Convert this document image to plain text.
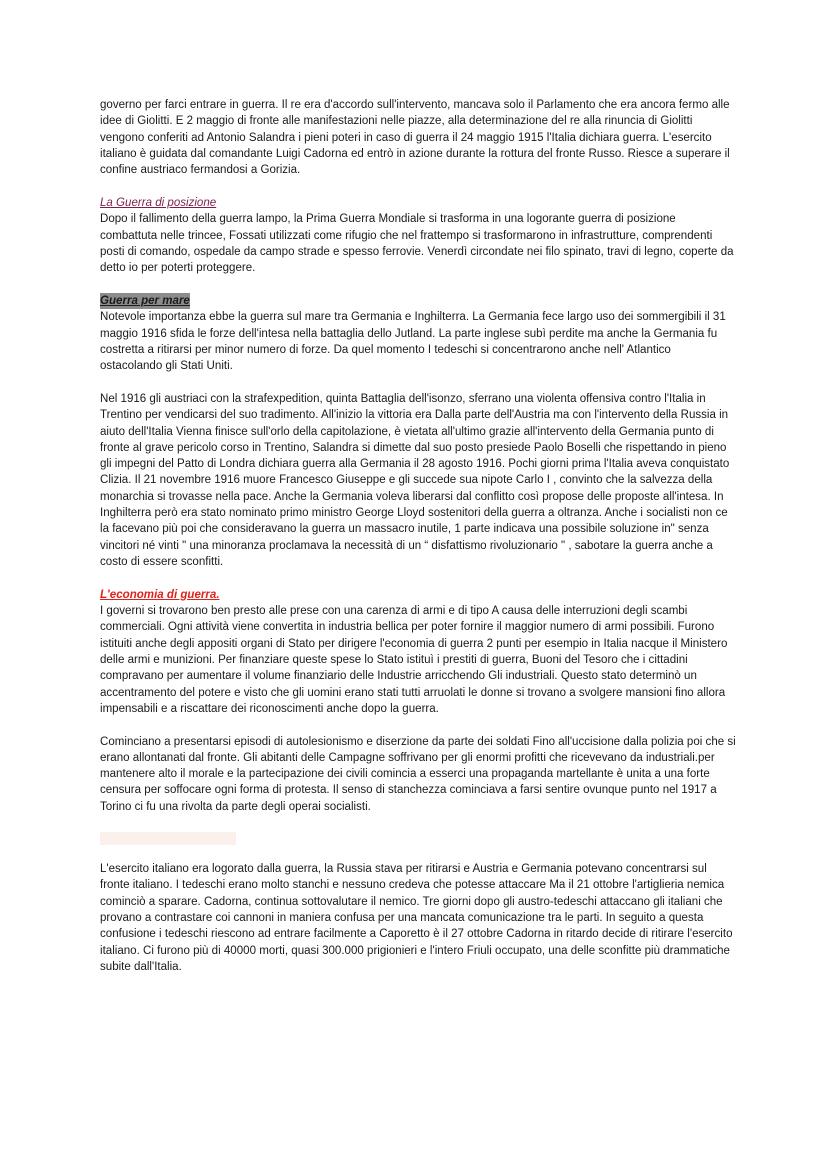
governo per farci entrare in guerra. Il re era d'accordo sull'intervento, mancava solo il Parlamento che era ancora fermo alle idee di Giolitti. E 2 maggio di fronte alle manifestazioni nelle piazze, alla determinazione del re alla rinuncia di Giolitti vengono conferiti ad Antonio Salandra i pieni poteri in caso di guerra il 24 maggio 1915 l'Italia dichiara guerra. L'esercito italiano è guidata dal comandante Luigi Cadorna ed entrò in azione durante la rottura del fronte Russo. Riesce a superare il confine austriaco fermandosi a Gorizia.

La Guerra di posizione

Dopo il fallimento della guerra lampo, la Prima Guerra Mondiale si trasforma in una logorante guerra di posizione combattuta nelle trincee, Fossati utilizzati come rifugio che nel frattempo si trasformarono in infrastrutture, comprendenti posti di comando, ospedale da campo strade e spesso ferrovie. Venerdì circondate nei filo spinato, travi di legno, coperte da detto io per poterti proteggere.

Guerra per mare

Notevole importanza ebbe la guerra sul mare tra Germania e Inghilterra. La Germania fece largo uso dei sommergibili il 31 maggio 1916 sfida le forze dell'intesa nella battaglia dello Jutland. La parte inglese subì perdite ma anche la Germania fu costretta a ritirarsi per minor numero di forze. Da quel momento I tedeschi si concentrarono anche nell' Atlantico ostacolando gli Stati Uniti.

Nel 1916 gli austriaci con la strafexpedition, quinta Battaglia dell'isonzo, sferrano una violenta offensiva contro l'Italia in Trentino per vendicarsi del suo tradimento. All'inizio la vittoria era Dalla parte dell'Austria ma con l'intervento della Russia in aiuto dell'Italia Vienna finisce sull'orlo della capitolazione, è vietata all'ultimo grazie all'intervento della Germania punto di fronte al grave pericolo corso in Trentino, Salandra si dimette dal suo posto presiede Paolo Boselli che rispettando in pieno gli impegni del Patto di Londra dichiara guerra alla Germania il 28 agosto 1916. Pochi giorni prima l'Italia aveva conquistato Clizia. Il 21 novembre 1916 muore Francesco Giuseppe e gli succede sua nipote Carlo I , convinto che la salvezza della monarchia si trovasse nella pace. Anche la Germania voleva liberarsi dal conflitto così propose delle proposte all'intesa. In Inghilterra però era stato nominato primo ministro George Lloyd sostenitori della guerra a oltranza. Anche i socialisti non ce la facevano più poi che consideravano la guerra un massacro inutile, 1 parte indicava una possibile soluzione in" senza vincitori né vinti " una minoranza proclamava la necessità di un “ disfattismo rivoluzionario " , sabotare la guerra anche a costo di essere sconfitti.

L'economia di guerra.

I governi si trovarono ben presto alle prese con una carenza di armi e di tipo A causa delle interruzioni degli scambi commerciali. Ogni attività viene convertita in industria bellica per poter fornire il maggior numero di armi possibili. Furono istituiti anche degli appositi organi di Stato per dirigere l'economia di guerra 2 punti per esempio in Italia nacque il Ministero delle armi e munizioni. Per finanziare queste spese lo Stato istituì i prestiti di guerra, Buoni del Tesoro che i cittadini compravano per aumentare il volume finanziario delle Industrie arricchendo Gli industriali. Questo stato determinò un accentramento del potere e visto che gli uomini erano stati tutti arruolati le donne si trovano a svolgere mansioni fino allora impensabili e a riscattare dei riconoscimenti anche dopo la guerra.

Cominciano a presentarsi episodi di autolesionismo e diserzione da parte dei soldati Fino all'uccisione dalla polizia poi che si erano allontanati dal fronte. Gli abitanti delle Campagne soffrivano per gli enormi profitti che ricevevano da industriali.per mantenere alto il morale e la partecipazione dei civili comincia a esserci una propaganda martellante è unita a una forte censura per soffocare ogni forma di protesta. Il senso di stanchezza cominciava a farsi sentire ovunque punto nel 1917 a Torino ci fu una rivolta da parte degli operai socialisti.

L'esercito italiano era logorato dalla guerra, la Russia stava per ritirarsi e Austria e Germania potevano concentrarsi sul fronte italiano. I tedeschi erano molto stanchi e nessuno credeva che potesse attaccare Ma il 21 ottobre l'artiglieria nemica cominciò a sparare. Cadorna, continua sottovalutare il nemico. Tre giorni dopo gli austro-tedeschi attaccano gli italiani che provano a contrastare coi cannoni in maniera confusa per una mancata comunicazione tra le parti. In seguito a questa confusione i tedeschi riescono ad entrare facilmente a Caporetto è il 27 ottobre Cadorna in ritardo decide di ritirare l'esercito italiano. Ci furono più di 40000 morti, quasi 300.000 prigionieri e l'intero Friuli occupato, una delle sconfitte più drammatiche subite dall'Italia.
